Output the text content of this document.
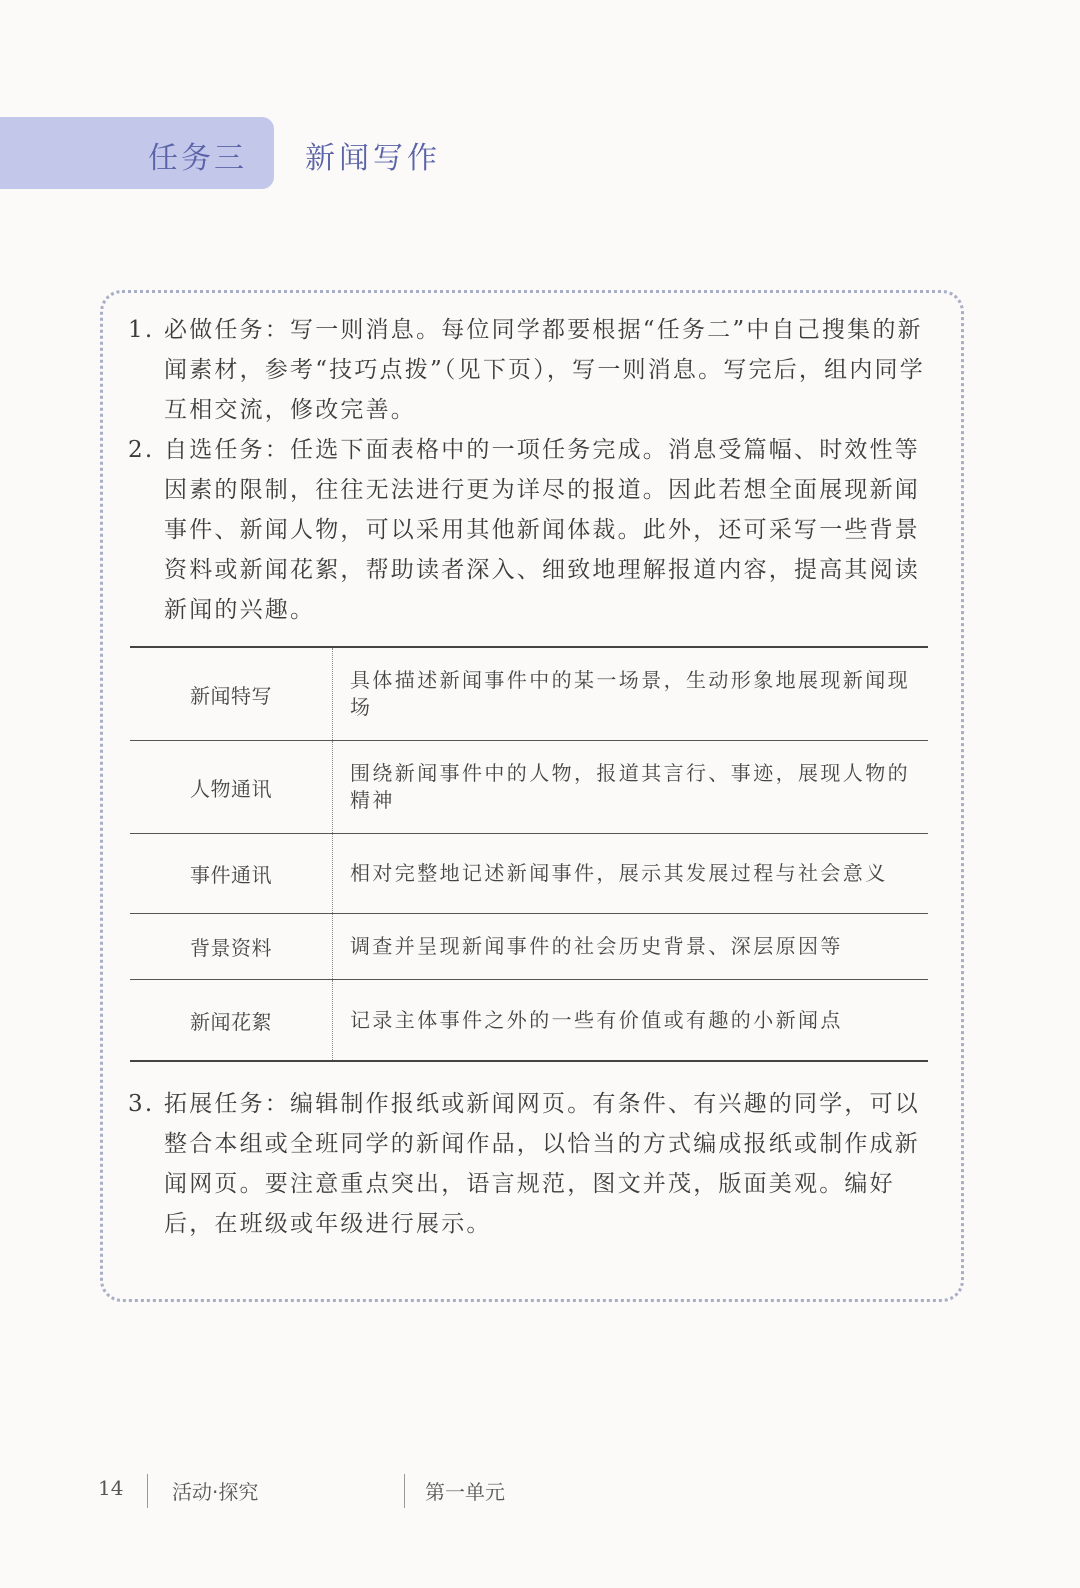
任务三 新闻写作
1. 必做任务：写一则消息。每位同学都要根据“任务二”中自己搜集的新闻素材，参考“技巧点拨”（见下页），写一则消息。写完后，组内同学互相交流，修改完善。
2. 自选任务：任选下面表格中的一项任务完成。消息受篇幅、时效性等因素的限制，往往无法进行更为详尽的报道。因此若想全面展现新闻事件、新闻人物，可以采用其他新闻体裁。此外，还可采写一些背景资料或新闻花絮，帮助读者深入、细致地理解报道内容，提高其阅读新闻的兴趣。
新闻特写	具体描述新闻事件中的某一场景，生动形象地展现新闻现场
人物通讯	围绕新闻事件中的人物，报道其言行、事迹，展现人物的精神
事件通讯	相对完整地记述新闻事件，展示其发展过程与社会意义
背景资料	调查并呈现新闻事件的社会历史背景、深层原因等
新闻花絮	记录主体事件之外的一些有价值或有趣的小新闻点
3. 拓展任务：编辑制作报纸或新闻网页。有条件、有兴趣的同学，可以整合本组或全班同学的新闻作品，以恰当的方式编成报纸或制作成新闻网页。要注意重点突出，语言规范，图文并茂，版面美观。编好后，在班级或年级进行展示。
14 活动·探究	第一单元
